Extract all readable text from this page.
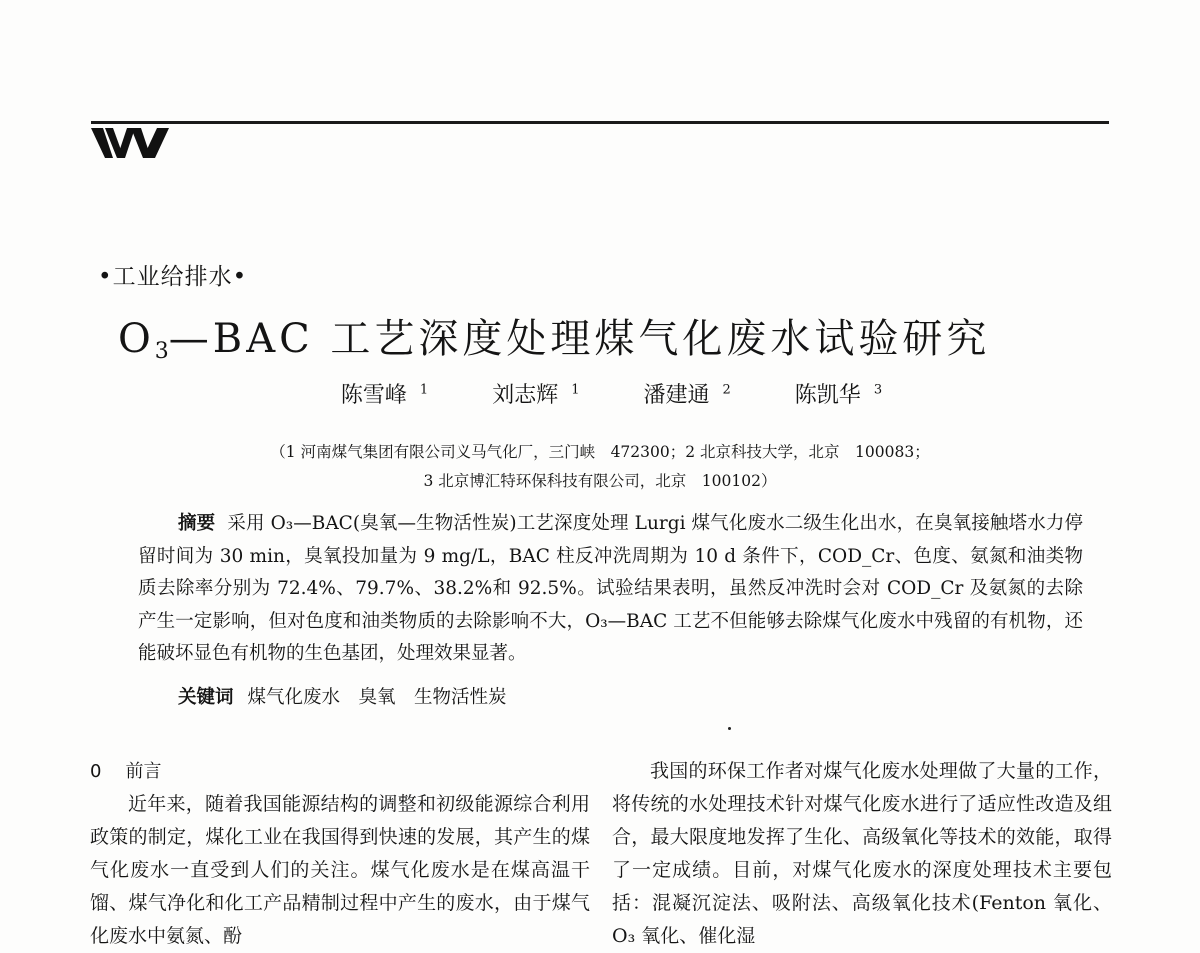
•工业给排水•
$O_3—BAC$ 工艺深度处理煤气化废水试验研究
陈雪峰 $^1$	刘志辉 $^1$	潘建通 $^2$	陈凯华 $^3$
（1 河南煤气集团有限公司义马气化厂，三门峡　472300；2 北京科技大学，北京　100083；
3 北京博汇特环保科技有限公司，北京　100102）
摘要 采用 O₃—BAC(臭氧—生物活性炭)工艺深度处理 Lurgi 煤气化废水二级生化出水，在臭氧接触塔水力停留时间为 30 min，臭氧投加量为 9 mg/L，BAC 柱反冲洗周期为 10 d 条件下，COD_Cr、色度、氨氮和油类物质去除率分别为 72.4%、79.7%、38.2%和 92.5%。试验结果表明，虽然反冲洗时会对 COD_Cr 及氨氮的去除产生一定影响，但对色度和油类物质的去除影响不大，O₃—BAC 工艺不但能够去除煤气化废水中残留的有机物，还能破坏显色有机物的生色基团，处理效果显著。
关键词 煤气化废水　臭氧　生物活性炭

0 前言

近年来，随着我国能源结构的调整和初级能源综合利用政策的制定，煤化工业在我国得到快速的发展，其产生的煤气化废水一直受到人们的关注。煤气化废水是在煤高温干馏、煤气净化和化工产品精制过程中产生的废水，由于煤气化废水中氨氮、酚

我国的环保工作者对煤气化废水处理做了大量的工作，将传统的水处理技术针对煤气化废水进行了适应性改造及组合，最大限度地发挥了生化、高级氧化等技术的效能，取得了一定成绩。目前，对煤气化废水的深度处理技术主要包括：混凝沉淀法、吸附法、高级氧化技术(Fenton 氧化、O₃ 氧化、催化湿
